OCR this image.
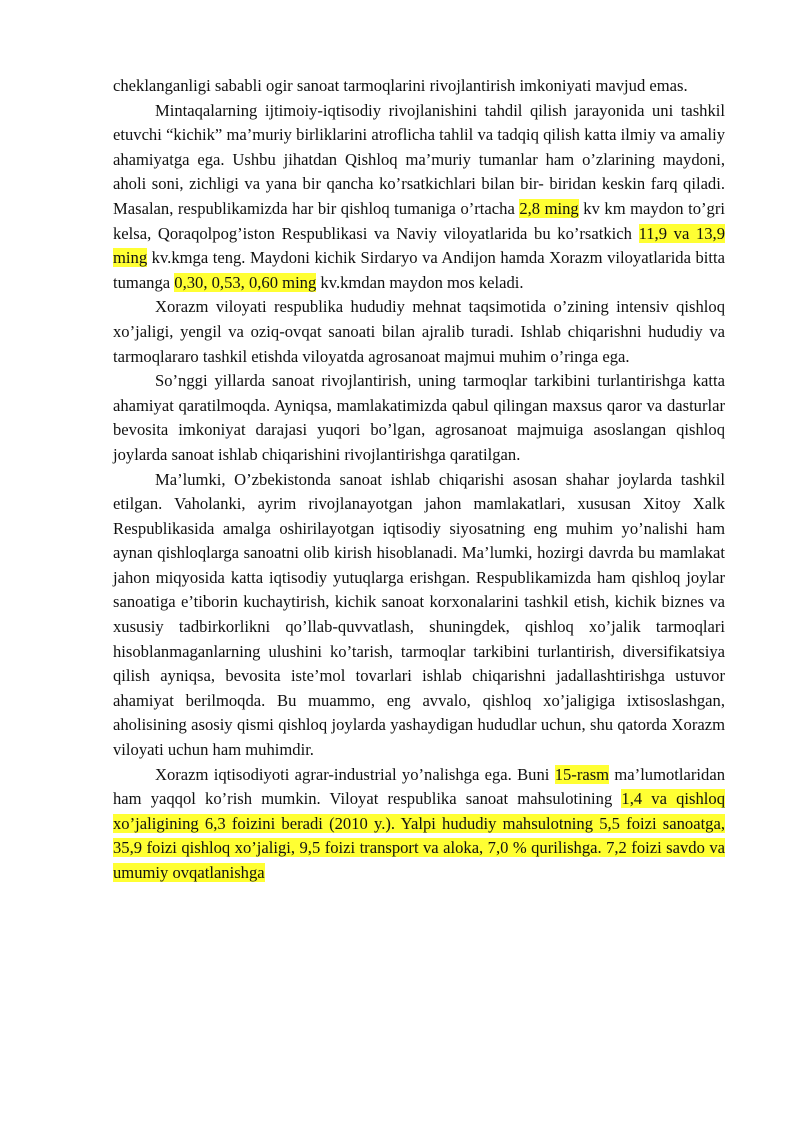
cheklanganligi sababli ogir sanoat tarmoqlarini rivojlantirish imkoniyati mavjud emas.

Mintaqalarning ijtimoiy-iqtisodiy rivojlanishini tahdil qilish jarayonida uni tashkil etuvchi “kichik” ma’muriy birliklarini atroflicha tahlil va tadqiq qilish katta ilmiy va amaliy ahamiyatga ega. Ushbu jihatdan Qishloq ma’muriy tumanlar ham o’zlarining maydoni, aholi soni, zichligi va yana bir qancha ko’rsatkichlari bilan bir- biridan keskin farq qiladi. Masalan, respublikamizda har bir qishloq tumaniga o’rtacha 2,8 ming kv km maydon to’gri kelsa, Qoraqolpog’iston Respublikasi va Naviy viloyatlarida bu ko’rsatkich 11,9 va 13,9 ming kv.kmga teng. Maydoni kichik Sirdaryo va Andijon hamda Xorazm viloyatlarida bitta tumanga 0,30, 0,53, 0,60 ming kv.kmdan maydon mos keladi.

Xorazm viloyati respublika hududiy mehnat taqsimotida o’zining intensiv qishloq xo’jaligi, yengil va oziq-ovqat sanoati bilan ajralib turadi. Ishlab chiqarishni hududiy va tarmoqlararo tashkil etishda viloyatda agrosanoat majmui muhim o’ringa ega.

So’nggi yillarda sanoat rivojlantirish, uning tarmoqlar tarkibini turlantirishga katta ahamiyat qaratilmoqda. Ayniqsa, mamlakatimizda qabul qilingan maxsus qaror va dasturlar bevosita imkoniyat darajasi yuqori bo’lgan, agrosanoat majmuiga asoslangan qishloq joylarda sanoat ishlab chiqarishini rivojlantirishga qaratilgan.

Ma’lumki, O’zbekistonda sanoat ishlab chiqarishi asosan shahar joylarda tashkil etilgan. Vaholanki, ayrim rivojlanayotgan jahon mamlakatlari, xususan Xitoy Xalk Respublikasida amalga oshirilayotgan iqtisodiy siyosatning eng muhim yo’nalishi ham aynan qishloqlarga sanoatni olib kirish hisoblanadi. Ma’lumki, hozirgi davrda bu mamlakat jahon miqyosida katta iqtisodiy yutuqlarga erishgan. Respublikamizda ham qishloq joylar sanoatiga e’tiborin kuchaytirish, kichik sanoat korxonalarini tashkil etish, kichik biznes va xususiy tadbirkorlikni qo’llab-quvvatlash, shuningdek, qishloq xo’jalik tarmoqlari hisoblanmaganlarning ulushini ko’tarish, tarmoqlar tarkibini turlantirish, diversifikatsiya qilish ayniqsa, bevosita iste’mol tovarlari ishlab chiqarishni jadallashtirishga ustuvor ahamiyat berilmoqda. Bu muammo, eng avvalo, qishloq xo’jaligiga ixtisoslashgan, aholisining asosiy qismi qishloq joylarda yashaydigan hududlar uchun, shu qatorda Xorazm viloyati uchun ham muhimdir.

Xorazm iqtisodiyoti agrar-industrial yo’nalishga ega. Buni 15-rasm ma’lumotlaridan ham yaqqol ko’rish mumkin. Viloyat respublika sanoat mahsulotining 1,4 va qishloq xo’jaligining 6,3 foizini beradi (2010 y.). Yalpi hududiy mahsulotning 5,5 foizi sanoatga, 35,9 foizi qishloq xo’jaligi, 9,5 foizi transport va aloka, 7,0 % qurilishga. 7,2 foizi savdo va umumiy ovqatlanishga
